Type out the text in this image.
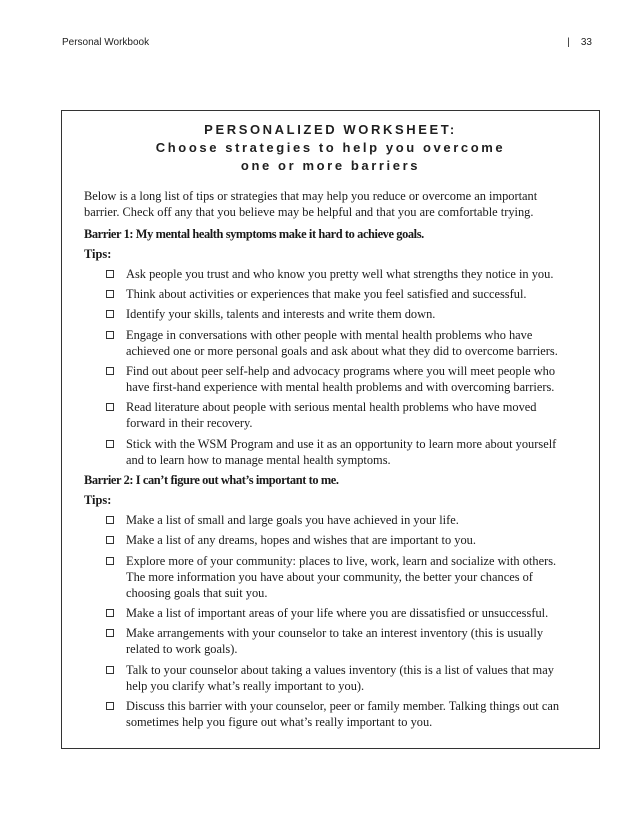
Personal Workbook	| 33
PERSONALIZED WORKSHEET:
Choose strategies to help you overcome
one or more barriers
Below is a long list of tips or strategies that may help you reduce or overcome an important
barrier. Check off any that you believe may be helpful and that you are comfortable trying.
Barrier 1: My mental health symptoms make it hard to achieve goals.
Tips:
Ask people you trust and who know you pretty well what strengths they notice in you.
Think about activities or experiences that make you feel satisfied and successful.
Identify your skills, talents and interests and write them down.
Engage in conversations with other people with mental health problems who have
achieved one or more personal goals and ask about what they did to overcome barriers.
Find out about peer self-help and advocacy programs where you will meet people who
have first-hand experience with mental health problems and with overcoming barriers.
Read literature about people with serious mental health problems who have moved
forward in their recovery.
Stick with the WSM Program and use it as an opportunity to learn more about yourself
and to learn how to manage mental health symptoms.
Barrier 2: I can’t figure out what’s important to me.
Tips:
Make a list of small and large goals you have achieved in your life.
Make a list of any dreams, hopes and wishes that are important to you.
Explore more of your community: places to live, work, learn and socialize with others.
The more information you have about your community, the better your chances of
choosing goals that suit you.
Make a list of important areas of your life where you are dissatisfied or unsuccessful.
Make arrangements with your counselor to take an interest inventory (this is usually
related to work goals).
Talk to your counselor about taking a values inventory (this is a list of values that may
help you clarify what’s really important to you).
Discuss this barrier with your counselor, peer or family member. Talking things out can
sometimes help you figure out what’s really important to you.
